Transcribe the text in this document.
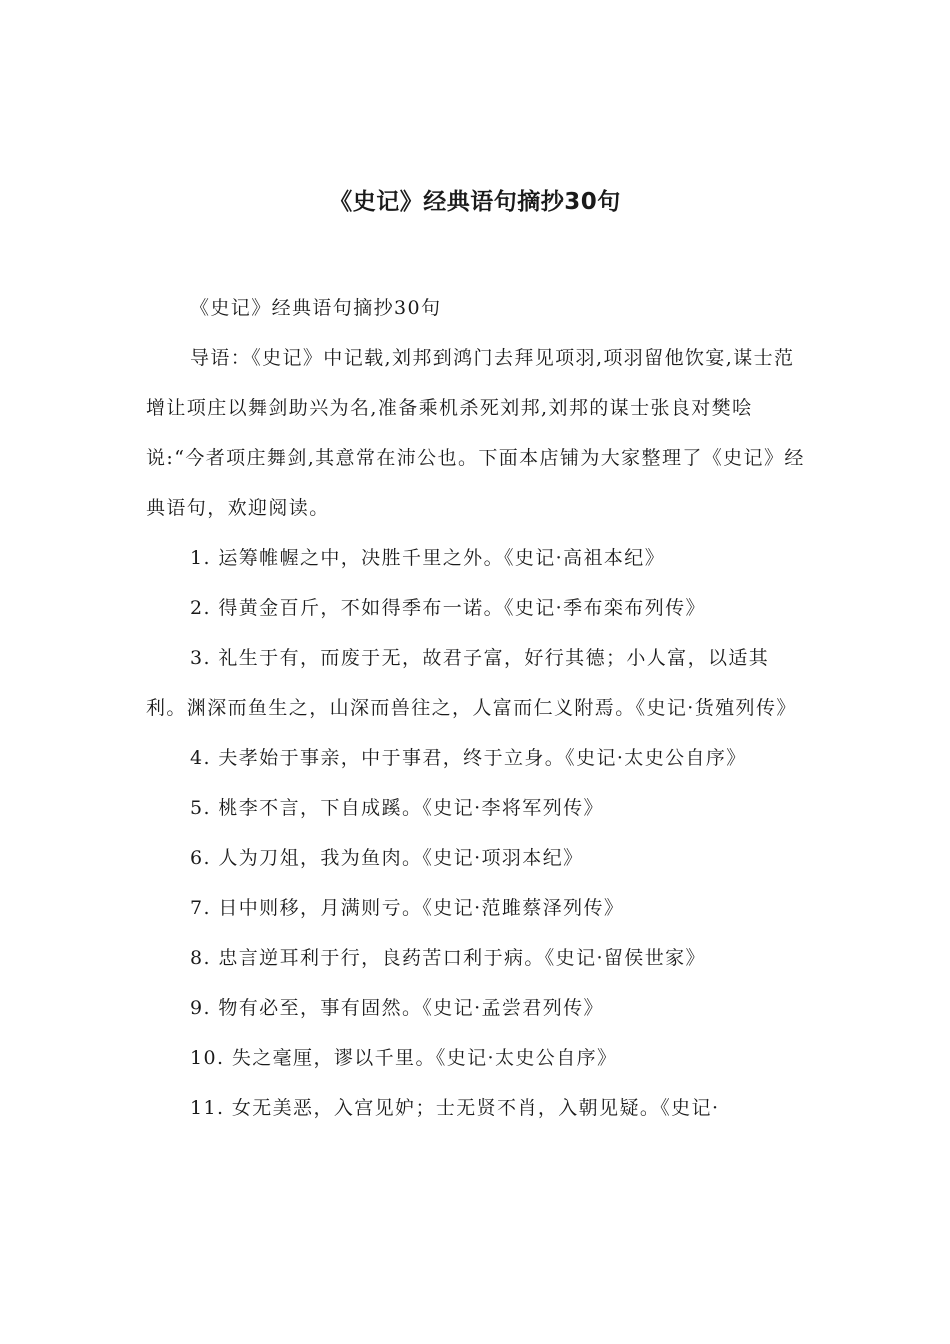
《史记》经典语句摘抄30句

《史记》经典语句摘抄30句

导语：《史记》中记载,刘邦到鸿门去拜见项羽,项羽留他饮宴,谋士范增让项庄以舞剑助兴为名,准备乘机杀死刘邦,刘邦的谋士张良对樊哙说:“今者项庄舞剑,其意常在沛公也。下面本店铺为大家整理了《史记》经典语句，欢迎阅读。

1. 运筹帷幄之中，决胜千里之外。《史记·高祖本纪》

2. 得黄金百斤，不如得季布一诺。《史记·季布栾布列传》

3. 礼生于有，而废于无，故君子富，好行其德；小人富，以适其利。渊深而鱼生之，山深而兽往之，人富而仁义附焉。《史记·货殖列传》

4. 夫孝始于事亲，中于事君，终于立身。《史记·太史公自序》

5. 桃李不言，下自成蹊。《史记·李将军列传》

6. 人为刀俎，我为鱼肉。《史记·项羽本纪》

7. 日中则移，月满则亏。《史记·范雎蔡泽列传》

8. 忠言逆耳利于行，良药苦口利于病。《史记·留侯世家》

9. 物有必至，事有固然。《史记·孟尝君列传》

10. 失之毫厘，谬以千里。《史记·太史公自序》

11. 女无美恶，入宫见妒；士无贤不肖，入朝见疑。《史记·
